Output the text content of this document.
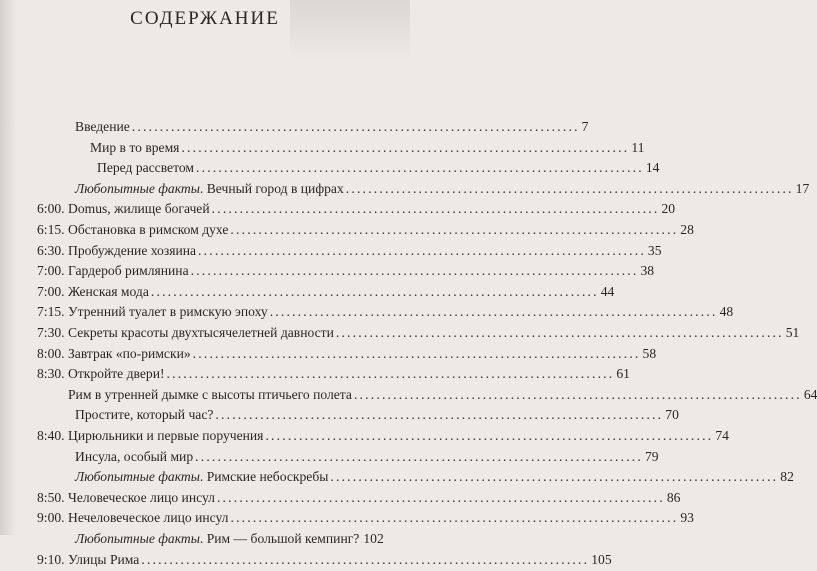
СОДЕРЖАНИЕ
Введение ................................................................................ 7
Мир в то время ................................................................................ 11
Перед рассветом ................................................................................ 14
Любопытные факты. Вечный город в цифрах ................................................................................ 17
6:00. Domus, жилище богачей ................................................................................ 20
6:15. Обстановка в римском духе ................................................................................ 28
6:30. Пробуждение хозяина ................................................................................ 35
7:00. Гардероб римлянина ................................................................................ 38
7:00. Женская мода ................................................................................ 44
7:15. Утренний туалет в римскую эпоху ................................................................................ 48
7:30. Секреты красоты двухтысячелетней давности ................................................................................ 51
8:00. Завтрак «по-римски» ................................................................................ 58
8:30. Откройте двери! ................................................................................ 61
Рим в утренней дымке с высоты птичьего полета ................................................................................ 64
Простите, который час? ................................................................................ 70
8:40. Цирюльники и первые поручения ................................................................................ 74
Инсула, особый мир ................................................................................ 79
Любопытные факты. Римские небоскребы ................................................................................ 82
8:50. Человеческое лицо инсул ................................................................................ 86
9:00. Нечеловеческое лицо инсул ................................................................................ 93
Любопытные факты. Рим — большой кемпинг? 102
9:10. Улицы Рима ................................................................................ 105
